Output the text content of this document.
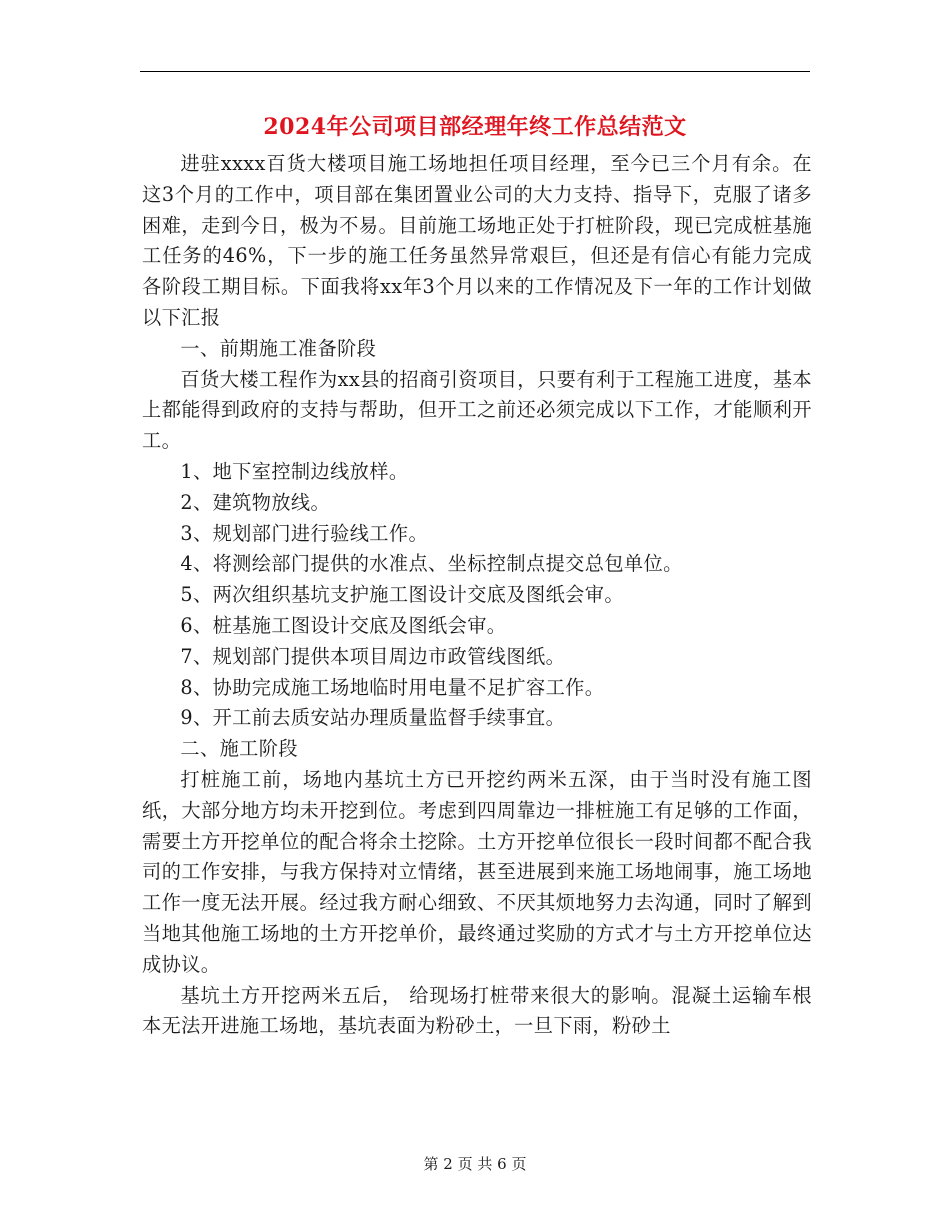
2024年公司项目部经理年终工作总结范文

进驻xxxx百货大楼项目施工场地担任项目经理，至今已三个月有余。在这3个月的工作中，项目部在集团置业公司的大力支持、指导下，克服了诸多困难，走到今日，极为不易。目前施工场地正处于打桩阶段，现已完成桩基施工任务的46%，下一步的施工任务虽然异常艰巨，但还是有信心有能力完成各阶段工期目标。下面我将xx年3个月以来的工作情况及下一年的工作计划做以下汇报

一、前期施工准备阶段

百货大楼工程作为xx县的招商引资项目，只要有利于工程施工进度，基本上都能得到政府的支持与帮助，但开工之前还必须完成以下工作，才能顺利开工。

1、地下室控制边线放样。

2、建筑物放线。

3、规划部门进行验线工作。

4、将测绘部门提供的水准点、坐标控制点提交总包单位。

5、两次组织基坑支护施工图设计交底及图纸会审。

6、桩基施工图设计交底及图纸会审。

7、规划部门提供本项目周边市政管线图纸。

8、协助完成施工场地临时用电量不足扩容工作。

9、开工前去质安站办理质量监督手续事宜。

二、施工阶段

打桩施工前，场地内基坑土方已开挖约两米五深，由于当时没有施工图纸，大部分地方均未开挖到位。考虑到四周靠边一排桩施工有足够的工作面，需要土方开挖单位的配合将余土挖除。土方开挖单位很长一段时间都不配合我司的工作安排，与我方保持对立情绪，甚至进展到来施工场地闹事，施工场地工作一度无法开展。经过我方耐心细致、不厌其烦地努力去沟通，同时了解到当地其他施工场地的土方开挖单价，最终通过奖励的方式才与土方开挖单位达成协议。

基坑土方开挖两米五后， 给现场打桩带来很大的影响。混凝土运输车根本无法开进施工场地，基坑表面为粉砂土，一旦下雨，粉砂土

第 2 页 共 6 页
